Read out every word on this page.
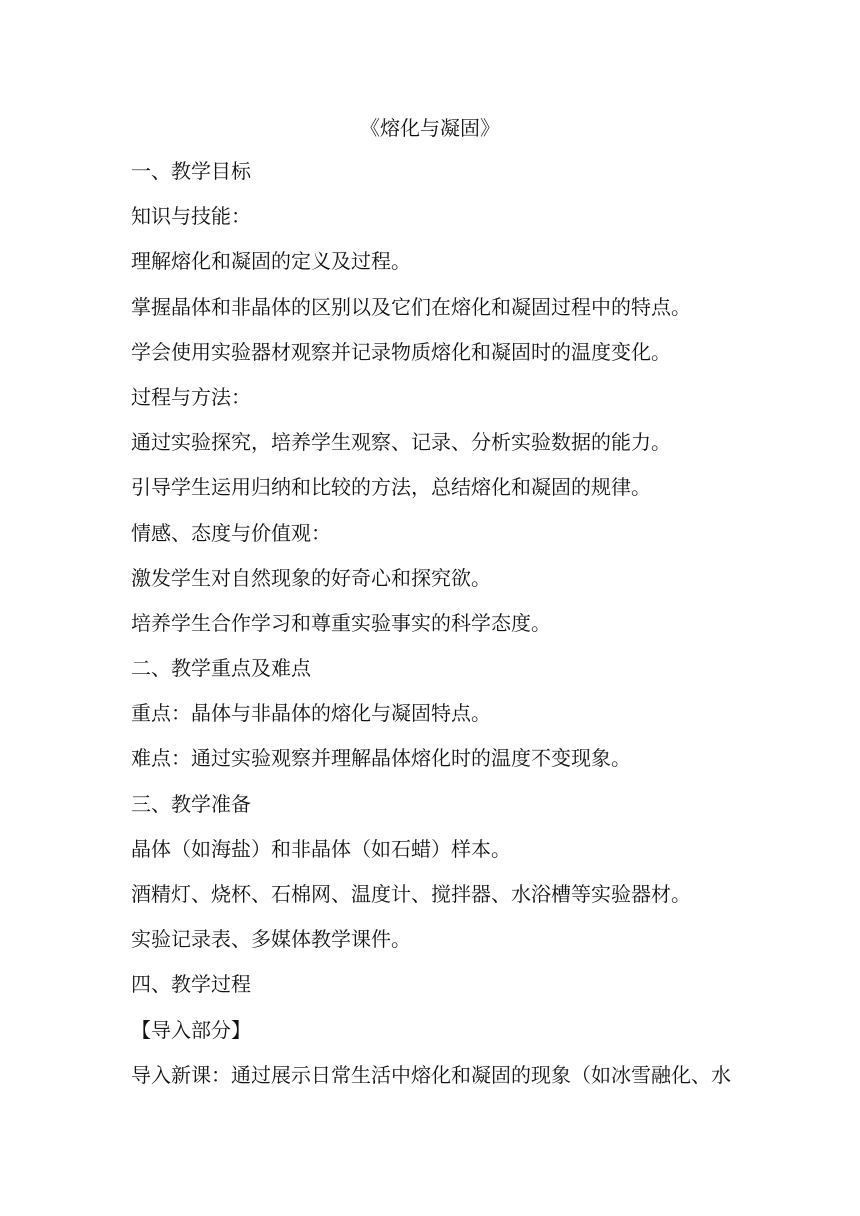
《熔化与凝固》
一、教学目标
知识与技能：
理解熔化和凝固的定义及过程。
掌握晶体和非晶体的区别以及它们在熔化和凝固过程中的特点。
学会使用实验器材观察并记录物质熔化和凝固时的温度变化。
过程与方法：
通过实验探究，培养学生观察、记录、分析实验数据的能力。
引导学生运用归纳和比较的方法，总结熔化和凝固的规律。
情感、态度与价值观：
激发学生对自然现象的好奇心和探究欲。
培养学生合作学习和尊重实验事实的科学态度。
二、教学重点及难点
重点：晶体与非晶体的熔化与凝固特点。
难点：通过实验观察并理解晶体熔化时的温度不变现象。
三、教学准备
晶体（如海盐）和非晶体（如石蜡）样本。
酒精灯、烧杯、石棉网、温度计、搅拌器、水浴槽等实验器材。
实验记录表、多媒体教学课件。
四、教学过程
【导入部分】
导入新课：通过展示日常生活中熔化和凝固的现象（如冰雪融化、水
